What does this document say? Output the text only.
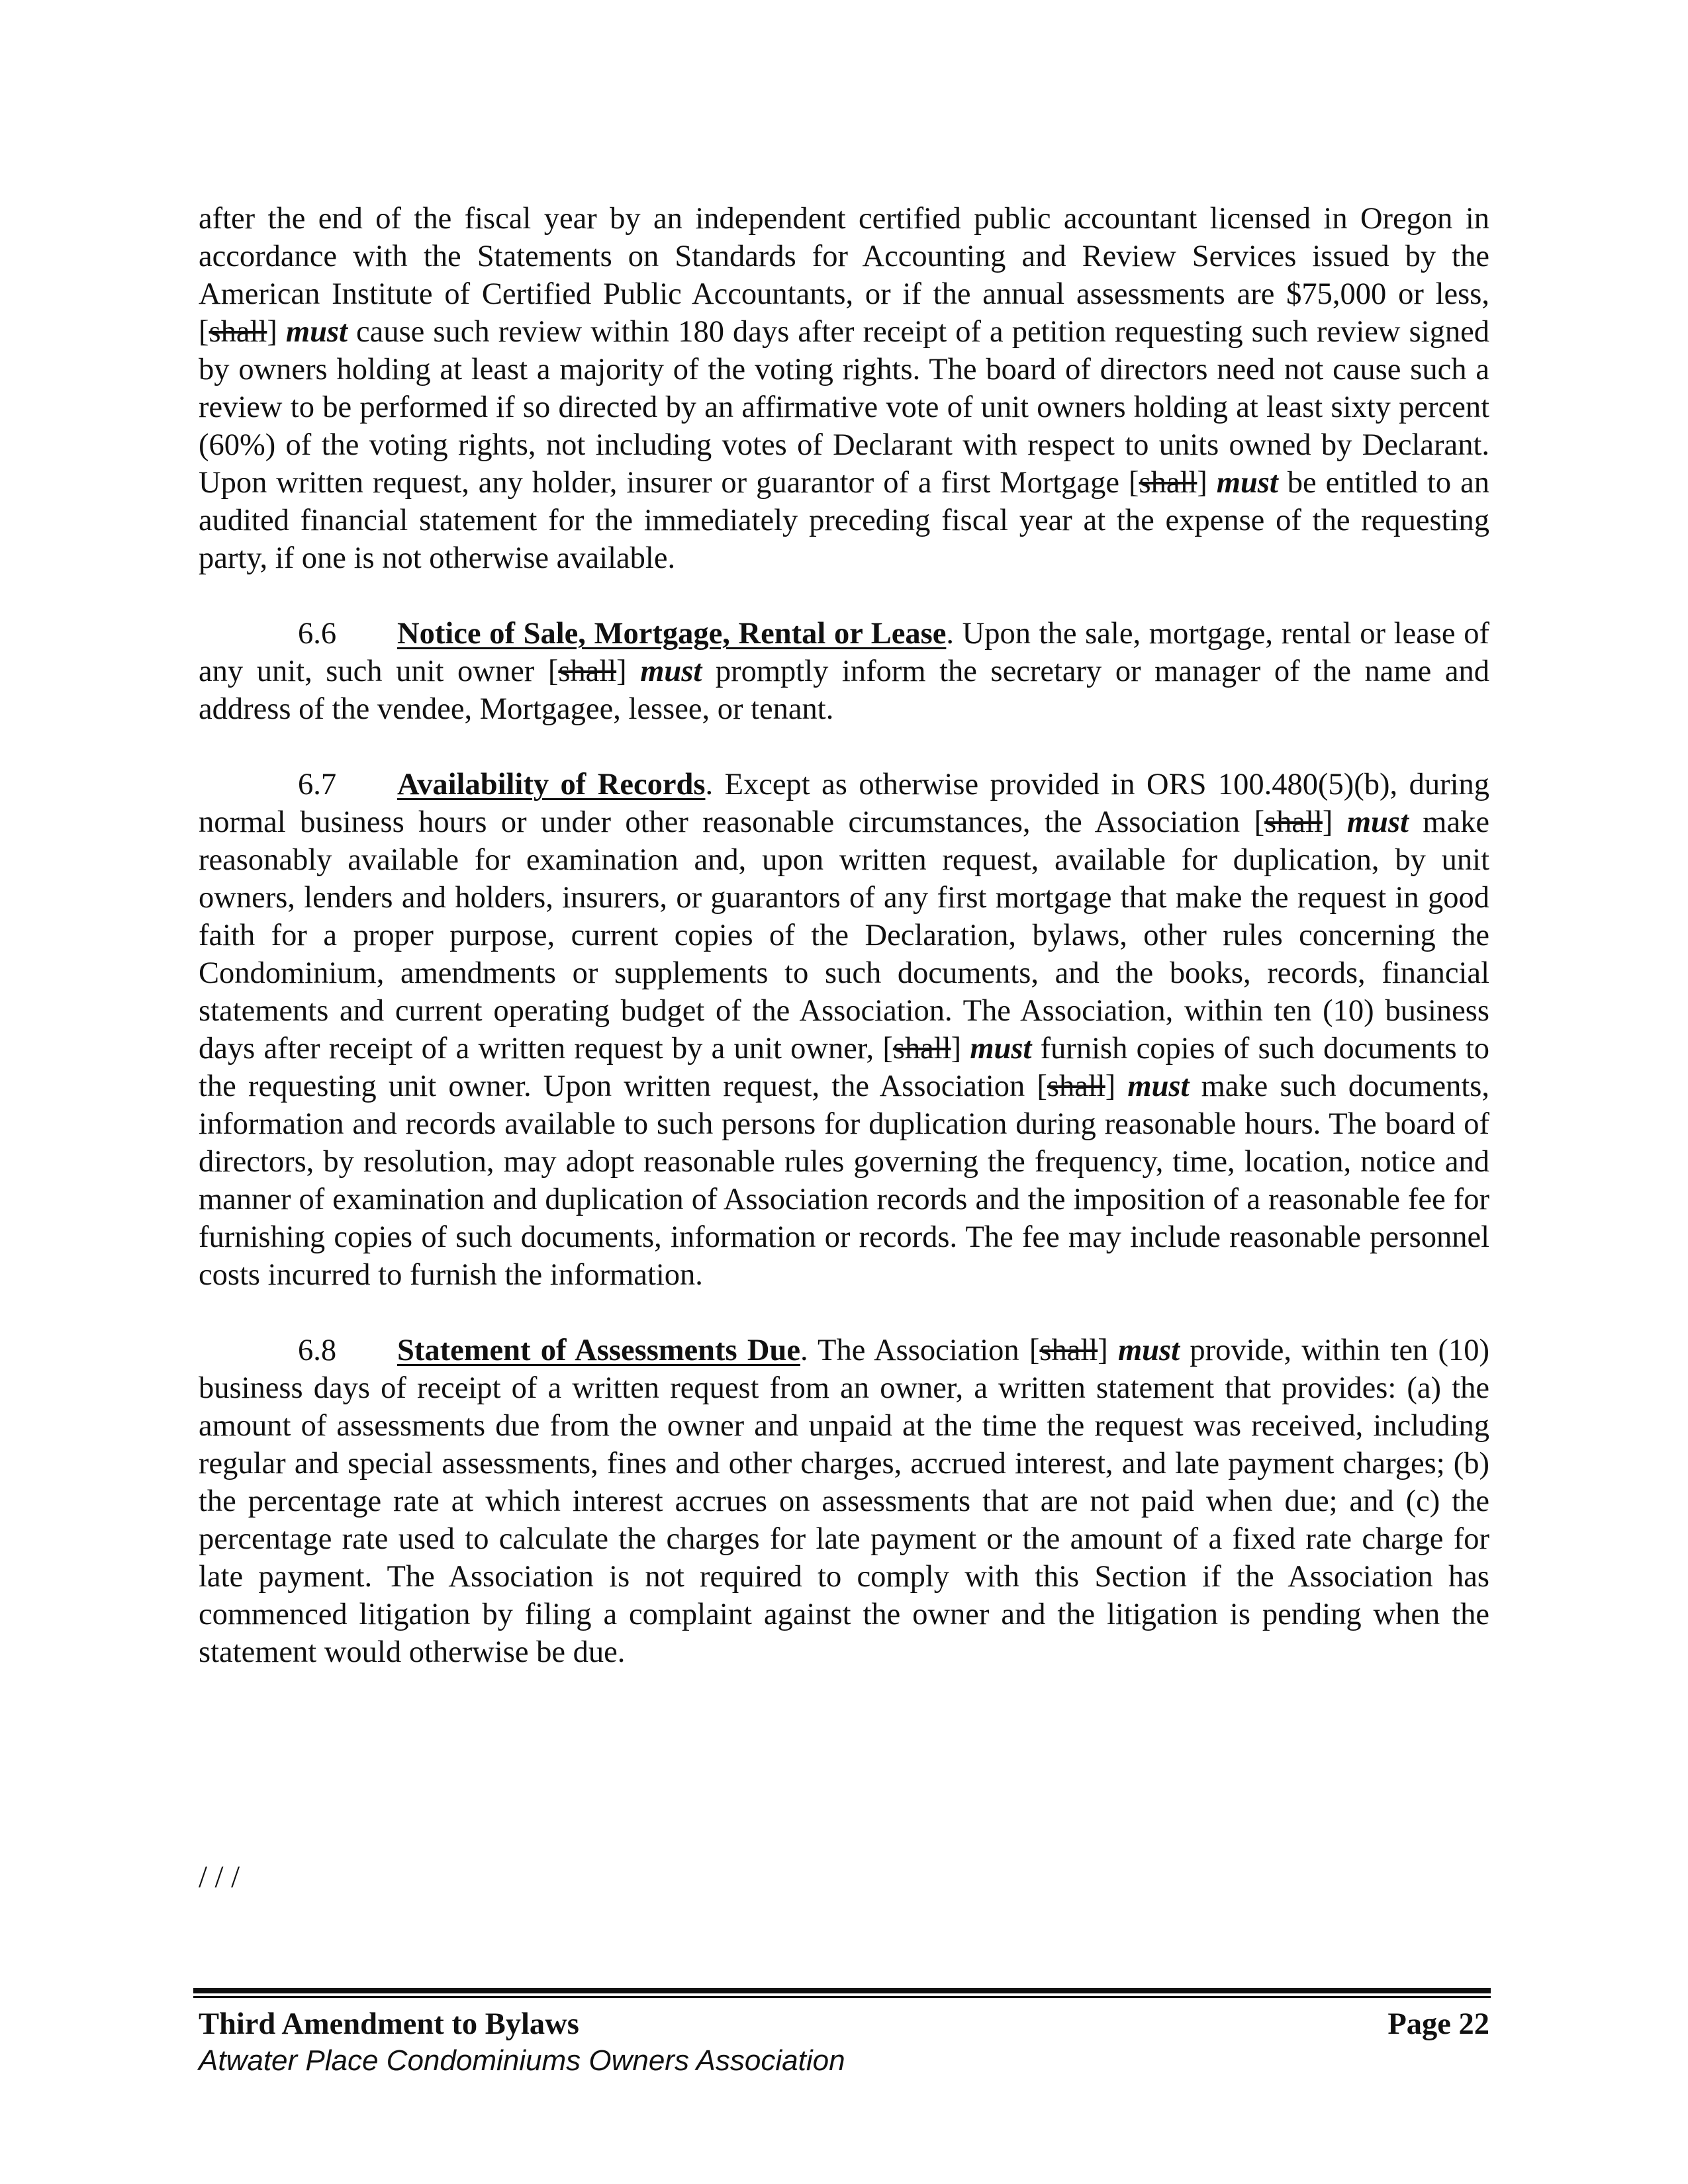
after the end of the fiscal year by an independent certified public accountant licensed in Oregon in accordance with the Statements on Standards for Accounting and Review Services issued by the American Institute of Certified Public Accountants, or if the annual assessments are $75,000 or less, [shall] must cause such review within 180 days after receipt of a petition requesting such review signed by owners holding at least a majority of the voting rights. The board of directors need not cause such a review to be performed if so directed by an affirmative vote of unit owners holding at least sixty percent (60%) of the voting rights, not including votes of Declarant with respect to units owned by Declarant. Upon written request, any holder, insurer or guarantor of a first Mortgage [shall] must be entitled to an audited financial statement for the immediately preceding fiscal year at the expense of the requesting party, if one is not otherwise available.

6.6 Notice of Sale, Mortgage, Rental or Lease. Upon the sale, mortgage, rental or lease of any unit, such unit owner [shall] must promptly inform the secretary or manager of the name and address of the vendee, Mortgagee, lessee, or tenant.

6.7 Availability of Records. Except as otherwise provided in ORS 100.480(5)(b), during normal business hours or under other reasonable circumstances, the Association [shall] must make reasonably available for examination and, upon written request, available for duplication, by unit owners, lenders and holders, insurers, or guarantors of any first mortgage that make the request in good faith for a proper purpose, current copies of the Declaration, bylaws, other rules concerning the Condominium, amendments or supplements to such documents, and the books, records, financial statements and current operating budget of the Association. The Association, within ten (10) business days after receipt of a written request by a unit owner, [shall] must furnish copies of such documents to the requesting unit owner. Upon written request, the Association [shall] must make such documents, information and records available to such persons for duplication during reasonable hours. The board of directors, by resolution, may adopt reasonable rules governing the frequency, time, location, notice and manner of examination and duplication of Association records and the imposition of a reasonable fee for furnishing copies of such documents, information or records. The fee may include reasonable personnel costs incurred to furnish the information.

6.8 Statement of Assessments Due. The Association [shall] must provide, within ten (10) business days of receipt of a written request from an owner, a written statement that provides: (a) the amount of assessments due from the owner and unpaid at the time the request was received, including regular and special assessments, fines and other charges, accrued interest, and late payment charges; (b) the percentage rate at which interest accrues on assessments that are not paid when due; and (c) the percentage rate used to calculate the charges for late payment or the amount of a fixed rate charge for late payment. The Association is not required to comply with this Section if the Association has commenced litigation by filing a complaint against the owner and the litigation is pending when the statement would otherwise be due.

/ / /
Third Amendment to Bylaws	Page 22
Atwater Place Condominiums Owners Association
